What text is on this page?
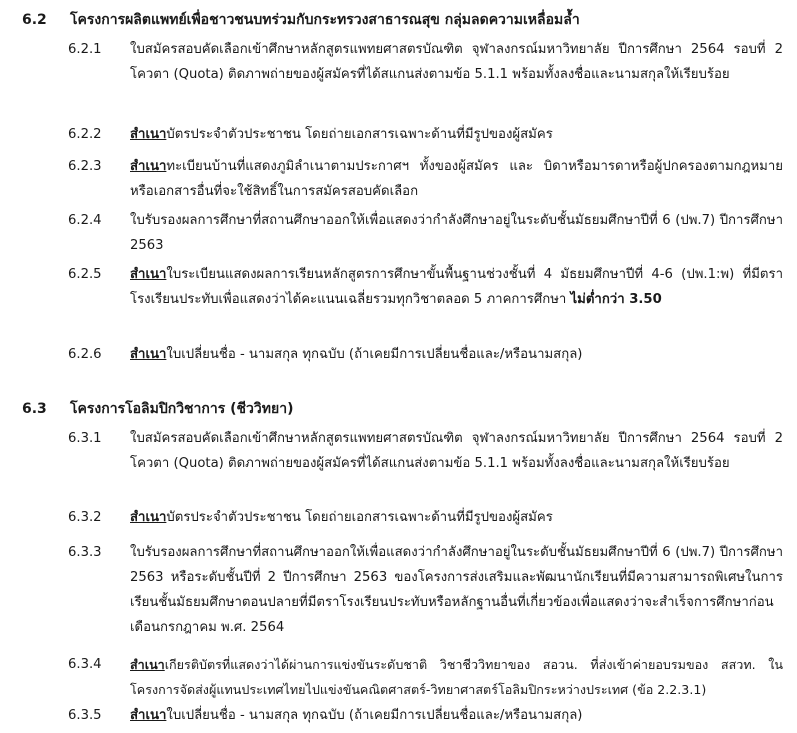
6.2 โครงการผลิตแพทย์เพื่อชาวชนบทร่วมกับกระทรวงสาธารณสุข กลุ่มลดความเหลื่อมล้ำ
6.2.1	ใบสมัครสอบคัดเลือกเข้าศึกษาหลักสูตรแพทยศาสตรบัณฑิต จุฬาลงกรณ์มหาวิทยาลัย ปีการศึกษา 2564 รอบที่ 2 โควตา (Quota) ติดภาพถ่ายของผู้สมัครที่ได้สแกนส่งตามข้อ 5.1.1 พร้อมทั้งลงชื่อและนามสกุลให้เรียบร้อย
6.2.2	สำเนาบัตรประจำตัวประชาชน โดยถ่ายเอกสารเฉพาะด้านที่มีรูปของผู้สมัคร
6.2.3	สำเนาทะเบียนบ้านที่แสดงภูมิลำเนาตามประกาศฯ ทั้งของผู้สมัคร และ บิดาหรือมารดาหรือผู้ปกครองตามกฎหมาย หรือเอกสารอื่นที่จะใช้สิทธิ์ในการสมัครสอบคัดเลือก
6.2.4	ใบรับรองผลการศึกษาที่สถานศึกษาออกให้เพื่อแสดงว่ากำลังศึกษาอยู่ในระดับชั้นมัธยมศึกษาปีที่ 6 (ปพ.7) ปีการศึกษา 2563
6.2.5	สำเนาใบระเบียนแสดงผลการเรียนหลักสูตรการศึกษาขั้นพื้นฐานช่วงชั้นที่ 4 มัธยมศึกษาปีที่ 4-6 (ปพ.1:พ) ที่มีตราโรงเรียนประทับเพื่อแสดงว่าได้คะแนนเฉลี่ยรวมทุกวิชาตลอด 5 ภาคการศึกษา ไม่ต่ำกว่า 3.50
6.2.6	สำเนาใบเปลี่ยนชื่อ - นามสกุล ทุกฉบับ (ถ้าเคยมีการเปลี่ยนชื่อและ/หรือนามสกุล)
6.3 โครงการโอลิมปิกวิชาการ (ชีววิทยา)
6.3.1	ใบสมัครสอบคัดเลือกเข้าศึกษาหลักสูตรแพทยศาสตรบัณฑิต จุฬาลงกรณ์มหาวิทยาลัย ปีการศึกษา 2564 รอบที่ 2 โควตา (Quota) ติดภาพถ่ายของผู้สมัครที่ได้สแกนส่งตามข้อ 5.1.1 พร้อมทั้งลงชื่อและนามสกุลให้เรียบร้อย
6.3.2	สำเนาบัตรประจำตัวประชาชน โดยถ่ายเอกสารเฉพาะด้านที่มีรูปของผู้สมัคร
6.3.3	ใบรับรองผลการศึกษาที่สถานศึกษาออกให้เพื่อแสดงว่ากำลังศึกษาอยู่ในระดับชั้นมัธยมศึกษาปีที่ 6 (ปพ.7) ปีการศึกษา 2563 หรือระดับชั้นปีที่ 2 ปีการศึกษา 2563 ของโครงการส่งเสริมและพัฒนานักเรียนที่มีความสามารถพิเศษในการเรียนชั้นมัธยมศึกษาตอนปลายที่มีตราโรงเรียนประทับหรือหลักฐานอื่นที่เกี่ยวข้องเพื่อแสดงว่าจะสำเร็จการศึกษาก่อนเดือนกรกฎาคม พ.ศ. 2564
6.3.4	สำเนาเกียรติบัตรที่แสดงว่าได้ผ่านการแข่งขันระดับชาติ วิชาชีววิทยาของ สอวน. ที่ส่งเข้าค่ายอบรมของ สสวท. ในโครงการจัดส่งผู้แทนประเทศไทยไปแข่งขันคณิตศาสตร์-วิทยาศาสตร์โอลิมปิกระหว่างประเทศ (ข้อ 2.2.3.1)
6.3.5	สำเนาใบเปลี่ยนชื่อ - นามสกุล ทุกฉบับ (ถ้าเคยมีการเปลี่ยนชื่อและ/หรือนามสกุล)
